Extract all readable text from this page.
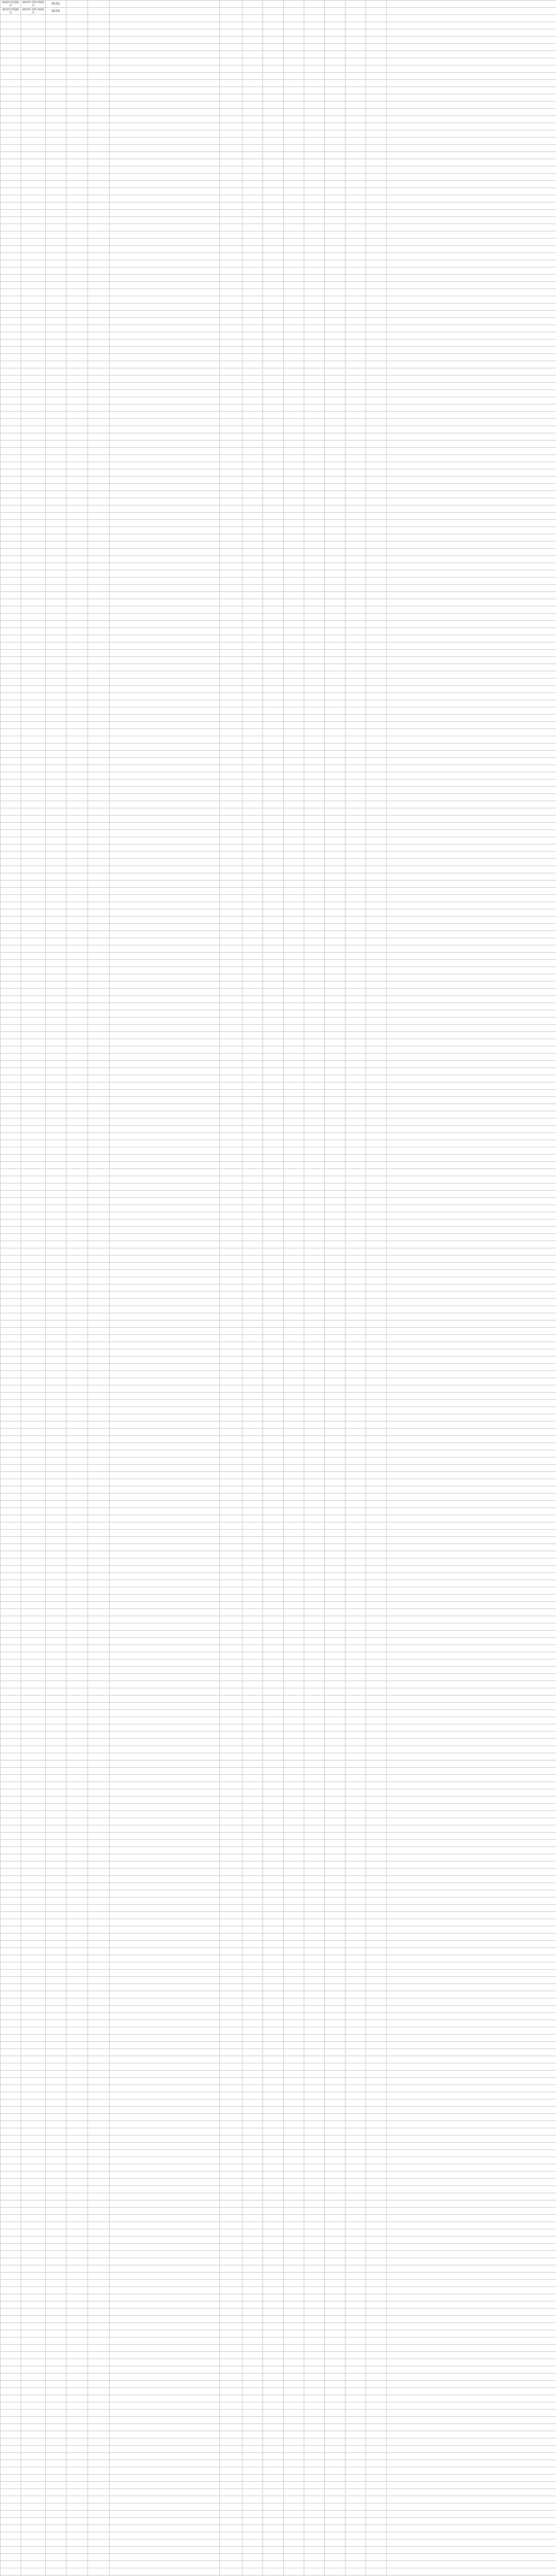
2023年普通批次	2023年本科录取批次	9101												
2023年普通批次	2023年本科录取批次	9102												
